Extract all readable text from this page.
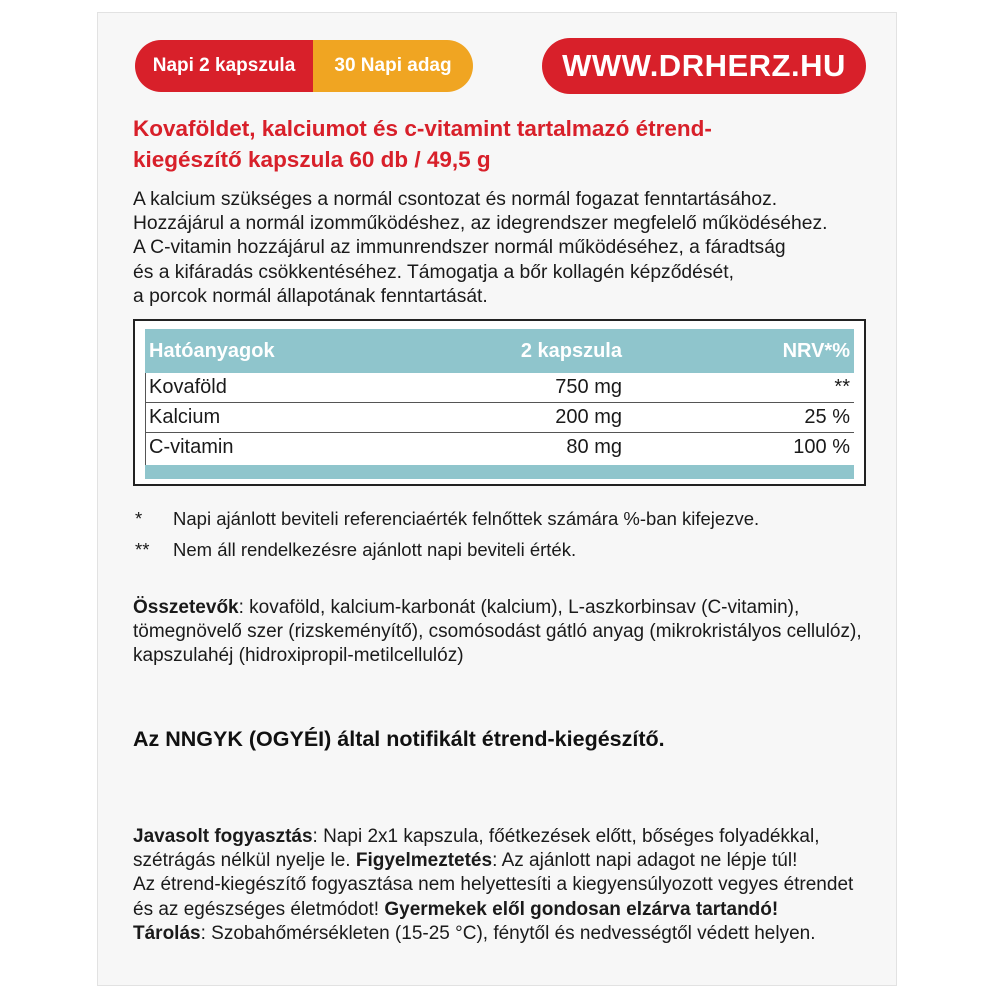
Napi 2 kapszula	30 Napi adag	WWW.DRHERZ.HU
Kovaföldet, kalciumot és c-vitamint tartalmazó étrend-
kiegészítő kapszula 60 db / 49,5 g
A kalcium szükséges a normál csontozat és normál fogazat fenntartásához.
Hozzájárul a normál izomműködéshez, az idegrendszer megfelelő működéséhez.
A C-vitamin hozzájárul az immunrendszer normál működéséhez, a fáradtság
és a kifáradás csökkentéséhez. Támogatja a bőr kollagén képződését,
a porcok normál állapotának fenntartását.
Hatóanyagok	2 kapszula	NRV*%
Kovaföld	750 mg	**
Kalcium	200 mg	25 %
C-vitamin	80 mg	100 %
* Napi ajánlott beviteli referenciaérték felnőttek számára %-ban kifejezve.
** Nem áll rendelkezésre ajánlott napi beviteli érték.
Összetevők: kovaföld, kalcium-karbonát (kalcium), L-aszkorbinsav (C-vitamin),
tömegnövelő szer (rizskeményítő), csomósodást gátló anyag (mikrokristályos cellulóz),
kapszulahéj (hidroxipropil-metilcellulóz)
Az NNGYK (OGYÉI) által notifikált étrend-kiegészítő.
Javasolt fogyasztás: Napi 2x1 kapszula, főétkezések előtt, bőséges folyadékkal,
szétrágás nélkül nyelje le. Figyelmeztetés: Az ajánlott napi adagot ne lépje túl!
Az étrend-kiegészítő fogyasztása nem helyettesíti a kiegyensúlyozott vegyes étrendet
és az egészséges életmódot! Gyermekek elől gondosan elzárva tartandó!
Tárolás: Szobahőmérsékleten (15-25 °C), fénytől és nedvességtől védett helyen.
